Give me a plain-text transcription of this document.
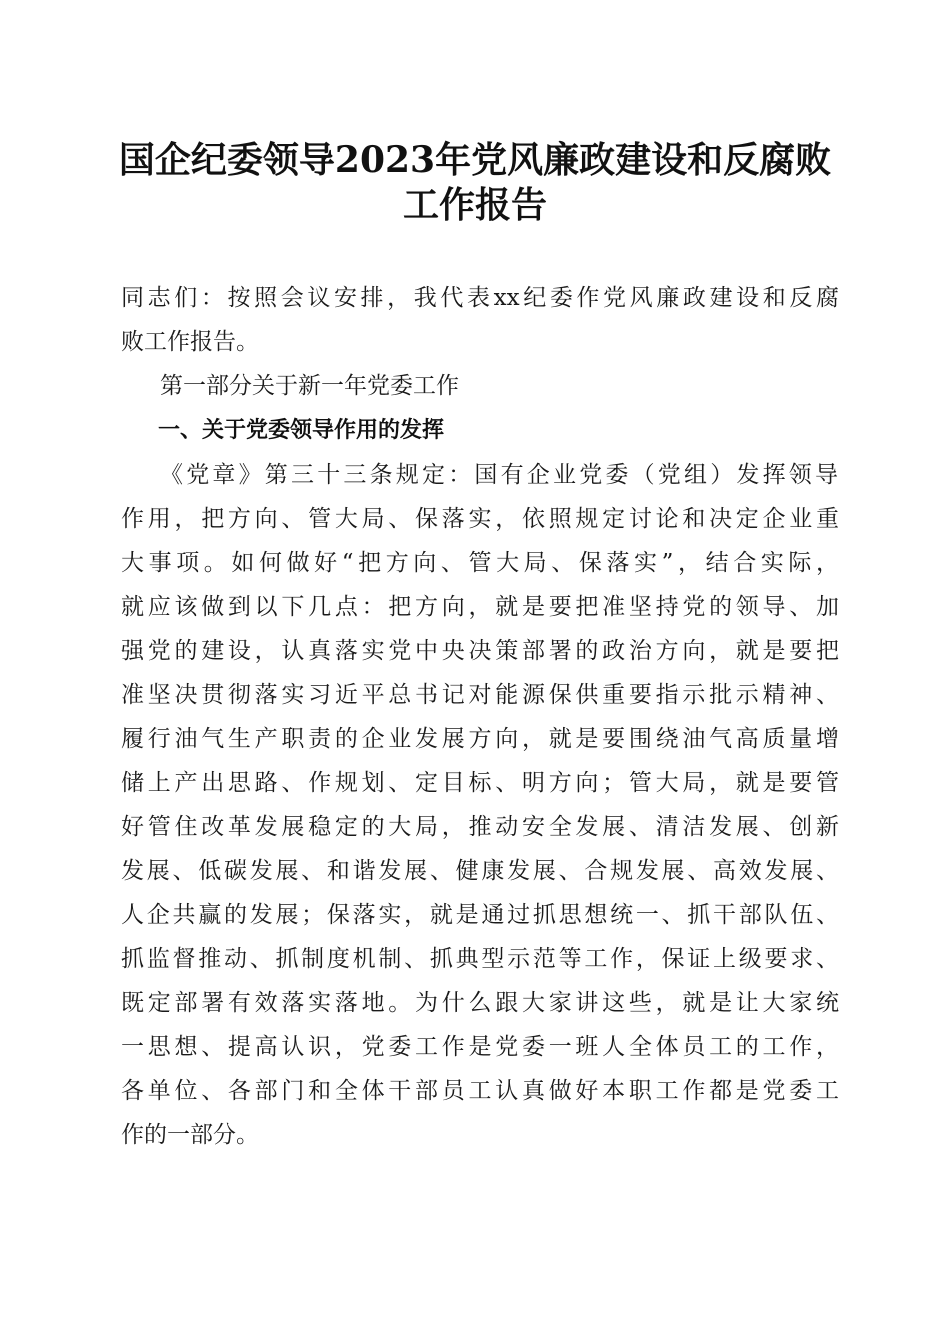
国企纪委领导2023年党风廉政建设和反腐败
工作报告
同志们：按照会议安排，我代表xx纪委作党风廉政建设和反腐
败工作报告。
第一部分关于新一年党委工作
一、关于党委领导作用的发挥
《党章》第三十三条规定：国有企业党委（党组）发挥领导
作用，把方向、管大局、保落实，依照规定讨论和决定企业重
大事项。如何做好“把方向、管大局、保落实”，结合实际，
就应该做到以下几点：把方向，就是要把准坚持党的领导、加
强党的建设，认真落实党中央决策部署的政治方向，就是要把
准坚决贯彻落实习近平总书记对能源保供重要指示批示精神、
履行油气生产职责的企业发展方向，就是要围绕油气高质量增
储上产出思路、作规划、定目标、明方向；管大局，就是要管
好管住改革发展稳定的大局，推动安全发展、清洁发展、创新
发展、低碳发展、和谐发展、健康发展、合规发展、高效发展、
人企共赢的发展；保落实，就是通过抓思想统一、抓干部队伍、
抓监督推动、抓制度机制、抓典型示范等工作，保证上级要求、
既定部署有效落实落地。为什么跟大家讲这些，就是让大家统
一思想、提高认识，党委工作是党委一班人全体员工的工作，
各单位、各部门和全体干部员工认真做好本职工作都是党委工
作的一部分。
